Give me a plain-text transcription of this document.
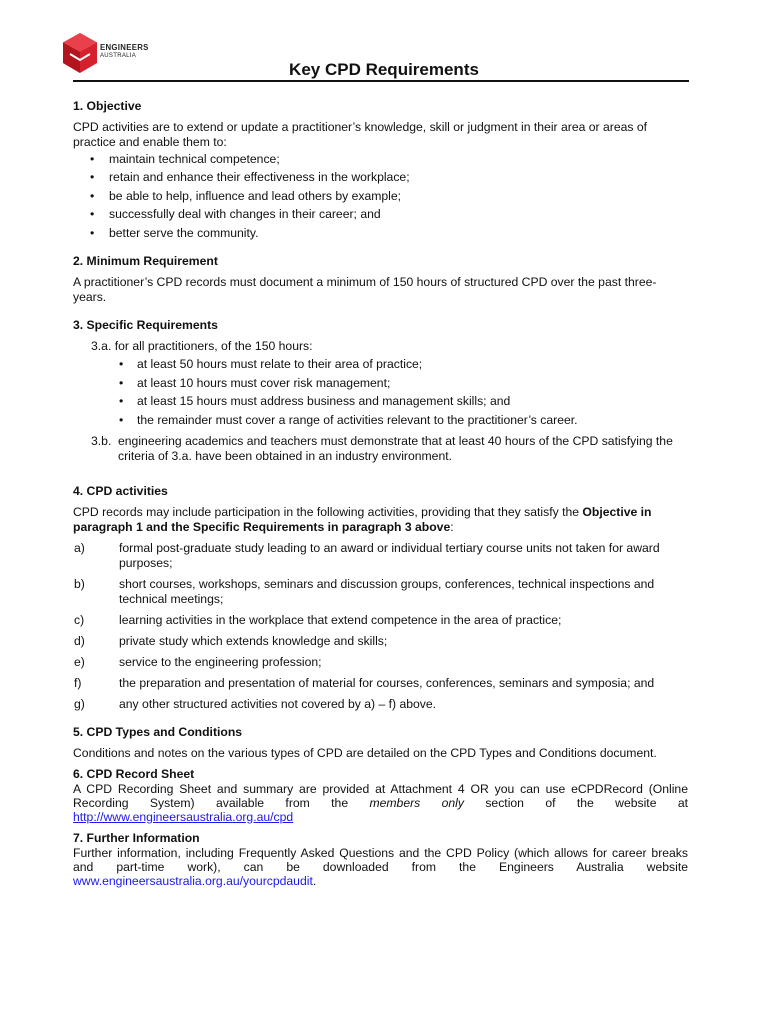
ENGINEERS
AUSTRALIA
Key CPD Requirements
1. Objective

CPD activities are to extend or update a practitioner’s knowledge, skill or judgment in their area or areas of practice and enable them to:

• maintain technical competence;
• retain and enhance their effectiveness in the workplace;
• be able to help, influence and lead others by example;
• successfully deal with changes in their career; and
• better serve the community.
2. Minimum Requirement

A practitioner’s CPD records must document a minimum of 150 hours of structured CPD over the past three-years.

3. Specific Requirements

3.a. for all practitioners, of the 150 hours:

• at least 50 hours must relate to their area of practice;
• at least 10 hours must cover risk management;
• at least 15 hours must address business and management skills; and
• the remainder must cover a range of activities relevant to the practitioner’s career.
3.b. engineering academics and teachers must demonstrate that at least 40 hours of the CPD satisfying the criteria of 3.a. have been obtained in an industry environment.
4. CPD activities

CPD records may include participation in the following activities, providing that they satisfy the Objective in paragraph 1 and the Specific Requirements in paragraph 3 above:

a)	formal post-graduate study leading to an award or individual tertiary course units not taken for award purposes;
b)	short courses, workshops, seminars and discussion groups, conferences, technical inspections and technical meetings;
c)	learning activities in the workplace that extend competence in the area of practice;
d)	private study which extends knowledge and skills;
e)	service to the engineering profession;
f)	the preparation and presentation of material for courses, conferences, seminars and symposia; and
g)	any other structured activities not covered by a) – f) above.
5. CPD Types and Conditions

Conditions and notes on the various types of CPD are detailed on the CPD Types and Conditions document.

6. CPD Record Sheet

A CPD Recording Sheet and summary are provided at Attachment 4 OR you can use eCPDRecord (Online Recording System) available from the members only section of the website at http://www.engineersaustralia.org.au/cpd

7. Further Information

Further information, including Frequently Asked Questions and the CPD Policy (which allows for career breaks and part-time work), can be downloaded from the Engineers Australia website www.engineersaustralia.org.au/yourcpdaudit.
